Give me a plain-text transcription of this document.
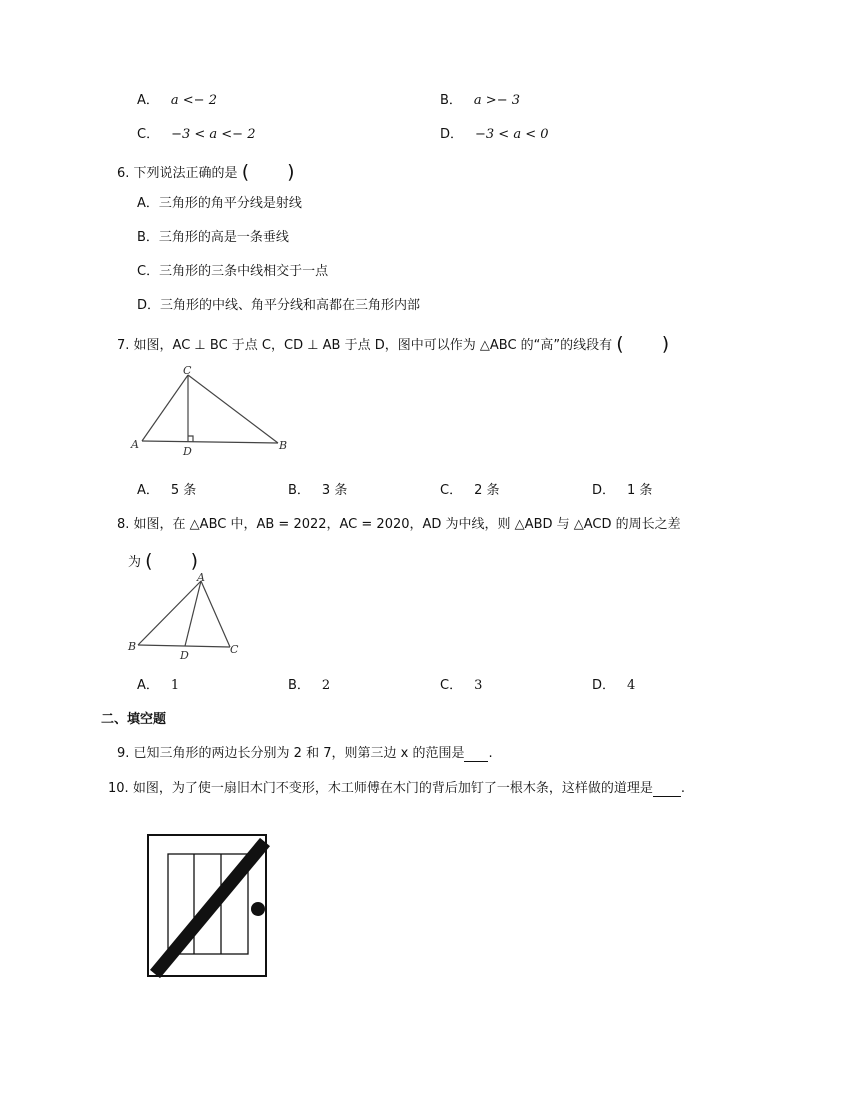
A． a <− 2	B． a >− 3
C． −3 < a <− 2	D． −3 < a < 0
6. 下列说法正确的是 (　　)
A．三角形的角平分线是射线
B．三角形的高是一条垂线
C．三角形的三条中线相交于一点
D．三角形的中线、角平分线和高都在三角形内部
7. 如图，AC ⊥ BC 于点 C，CD ⊥ AB 于点 D，图中可以作为 △ABC 的“高”的线段有 (　　)
A	B
C
D
A． 5 条	B． 3 条	C． 2 条	D． 1 条
8. 如图，在 △ABC 中，AB = 2022，AC = 2020，AD 为中线，则 △ABD 与 △ACD 的周长之差
为 (　　)
A
B	C
D
A． 1	B． 2	C． 3	D． 4
二、填空题
9. 已知三角形的两边长分别为 2 和 7，则第三边 x 的范围是 .
10. 如图，为了使一扇旧木门不变形，木工师傅在木门的背后加钉了一根木条，这样做的道理是 .
